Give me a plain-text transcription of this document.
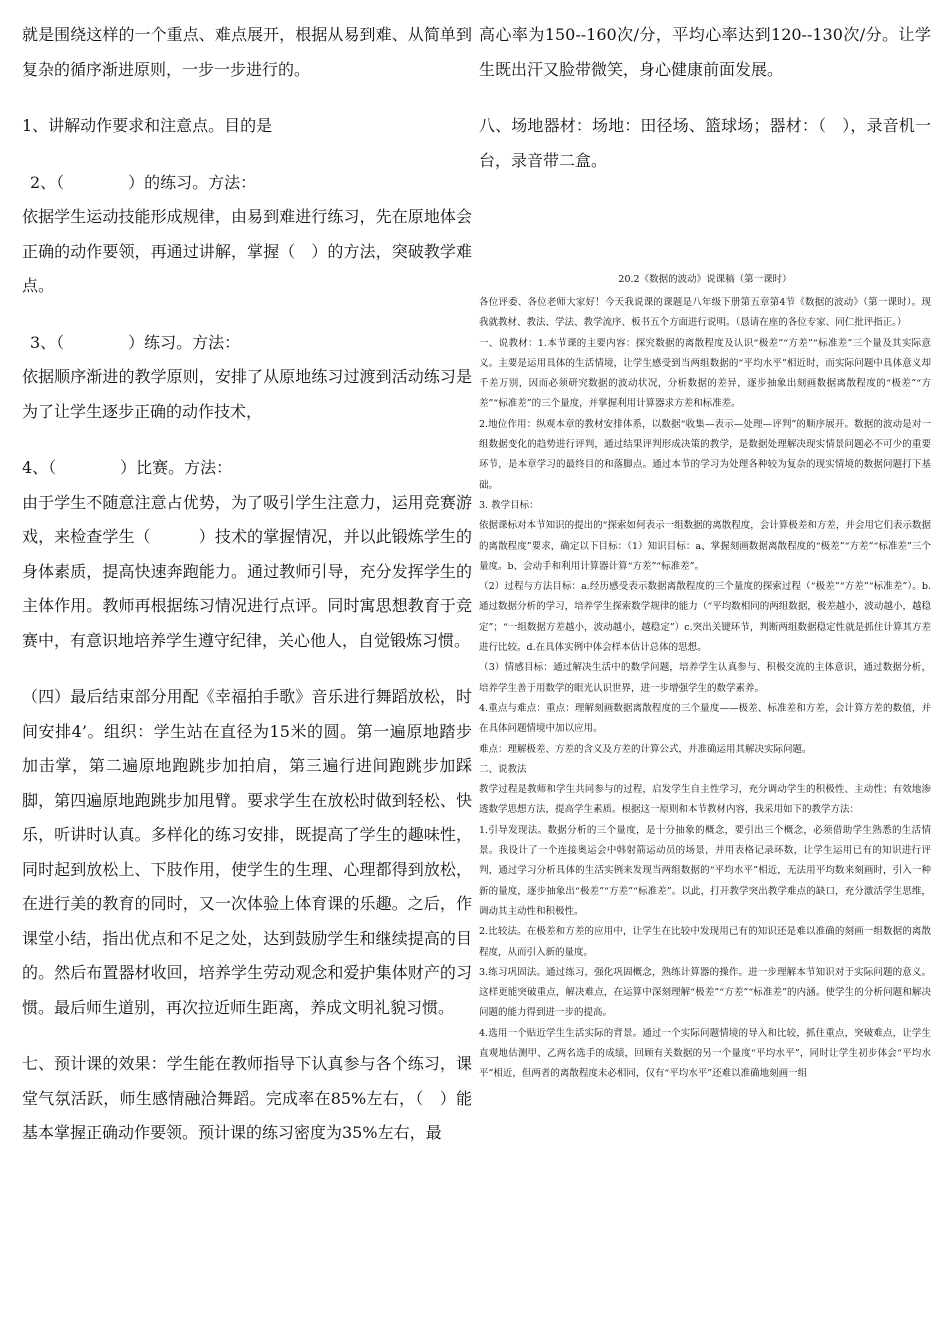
就是围绕这样的一个重点、难点展开，根据从易到难、从简单到复杂的循序渐进原则，一步一步进行的。

1、讲解动作要求和注意点。目的是

2、（　　　　）的练习。方法：

依据学生运动技能形成规律，由易到难进行练习，先在原地体会正确的动作要领，再通过讲解，掌握（　）的方法，突破教学难点。

3、（　　　　）练习。方法：

依据顺序渐进的教学原则，安排了从原地练习过渡到活动练习是为了让学生逐步正确的动作技术，

4、（　　　　）比赛。方法：

由于学生不随意注意占优势，为了吸引学生注意力，运用竞赛游戏，来检查学生（　　　）技术的掌握情况，并以此锻炼学生的身体素质，提高快速奔跑能力。通过教师引导，充分发挥学生的主体作用。教师再根据练习情况进行点评。同时寓思想教育于竞赛中，有意识地培养学生遵守纪律，关心他人，自觉锻炼习惯。

（四）最后结束部分用配《幸福拍手歌》音乐进行舞蹈放松，时间安排4’。组织：学生站在直径为15米的圆。第一遍原地踏步加击掌，第二遍原地跑跳步加拍肩，第三遍行进间跑跳步加踩脚，第四遍原地跑跳步加甩臂。要求学生在放松时做到轻松、快乐，听讲时认真。多样化的练习安排，既提高了学生的趣味性，同时起到放松上、下肢作用，使学生的生理、心理都得到放松，在进行美的教育的同时，又一次体验上体育课的乐趣。之后，作课堂小结，指出优点和不足之处，达到鼓励学生和继续提高的目的。然后布置器材收回，培养学生劳动观念和爱护集体财产的习惯。最后师生道别，再次拉近师生距离，养成文明礼貌习惯。

七、预计课的效果：学生能在教师指导下认真参与各个练习，课堂气氛活跃，师生感情融洽舞蹈。完成率在85%左右，（　）能基本掌握正确动作要领。预计课的练习密度为35%左右，最

高心率为150--160次/分，平均心率达到120--130次/分。让学生既出汗又脸带微笑，身心健康前面发展。

八、场地器材：场地：田径场、篮球场；器材：（　），录音机一台，录音带二盒。

20.2《数据的波动》说课稿（第一课时）

各位评委、各位老师大家好！今天我说课的课题是八年级下册第五章第4节《数据的波动》（第一课时）。现我就教材、教法、学法、教学流序、板书五个方面进行说明。（恳请在座的各位专家、同仁批评指正。）

一、说教材：1.本节课的主要内容：探究数据的离散程度及认识“极差”“方差”“标准差”三个量及其实际意义。主要是运用具体的生活情境，让学生感受到当两组数据的“平均水平”相近时，而实际问题中具体意义却千差万别，因而必须研究数据的波动状况，分析数据的差异，逐步抽象出刻画数据离散程度的“极差”“方差”“标准差”的三个量度，并掌握利用计算器求方差和标准差。

2.地位作用：纵观本章的教材安排体系，以数据“收集—表示—处理—评判”的顺序展开。数据的波动是对一组数据变化的趋势进行评判，通过结果评判形成决策的教学，是数据处理解决现实情景问题必不可少的重要环节，是本章学习的最终目的和落脚点。通过本节的学习为处理各种较为复杂的现实情境的数据问题打下基础。

3. 教学目标：

依据课标对本节知识的提出的“探索如何表示一组数据的离散程度，会计算极差和方差，并会用它们表示数据的离散程度”要求，确定以下目标：（1）知识目标：a、掌握刻画数据离散程度的“极差”“方差”“标准差”三个量度。b、会动手和利用计算器计算“方差”“标准差”。

（2）过程与方法目标：a.经历感受表示数据离散程度的三个量度的探索过程（“极差”“方差”“标准差”）。b.通过数据分析的学习，培养学生探索数学规律的能力（“平均数相同的两组数据，极差越小，波动越小，越稳定”；“一组数据方差越小，波动越小，越稳定”）c.突出关键环节，判断两组数据稳定性就是抓住计算其方差进行比较。d.在具体实例中体会样本估计总体的思想。

（3）情感目标：通过解决生活中的数学问题，培养学生认真参与、积极交流的主体意识，通过数据分析，培养学生善于用数学的眼光认识世界，进一步增强学生的数学素养。

4.重点与难点：重点：理解刻画数据离散程度的三个量度——极差、标准差和方差，会计算方差的数值，并在具体问题情境中加以应用。

难点：理解极差、方差的含义及方差的计算公式，并准确运用其解决实际问题。

二、说教法

教学过程是教师和学生共同参与的过程，启发学生自主性学习，充分调动学生的积极性、主动性；有效地渗透数学思想方法，提高学生素质。根据这一原则和本节教材内容，我采用如下的教学方法：

1.引导发现法。数据分析的三个量度，是十分抽象的概念，要引出三个概念，必须借助学生熟悉的生活情景。我设计了一个连接奥运会中韩射箭运动员的场景，并用表格记录环数，让学生运用已有的知识进行评判，通过学习分析具体的生活实例来发现当两组数据的“平均水平”相近，无法用平均数来刻画时，引入一种新的量度，逐步抽象出“极差”“方差”“标准差”。以此，打开教学突出教学难点的缺口，充分激活学生思维，调动其主动性和积极性。

2.比较法。在极差和方差的应用中，让学生在比较中发现用已有的知识还是难以准确的刻画一组数据的离散程度，从而引入新的量度。

3.练习巩固法。通过练习，强化巩固概念，熟练计算器的操作。进一步理解本节知识对于实际问题的意义。这样更能突破重点，解决难点，在运算中深刻理解“极差”“方差”“标准差”的内涵。使学生的分析问题和解决问题的能力得到进一步的提高。

4.选用一个贴近学生生活实际的背景。通过一个实际问题情境的导入和比较，抓住重点，突破难点，让学生直观地估测甲、乙两名选手的成绩，回顾有关数据的另一个量度“平均水平”，同时让学生初步体会“平均水平”相近，但两者的离散程度未必相同，仅有“平均水平”还难以准确地刻画一组
